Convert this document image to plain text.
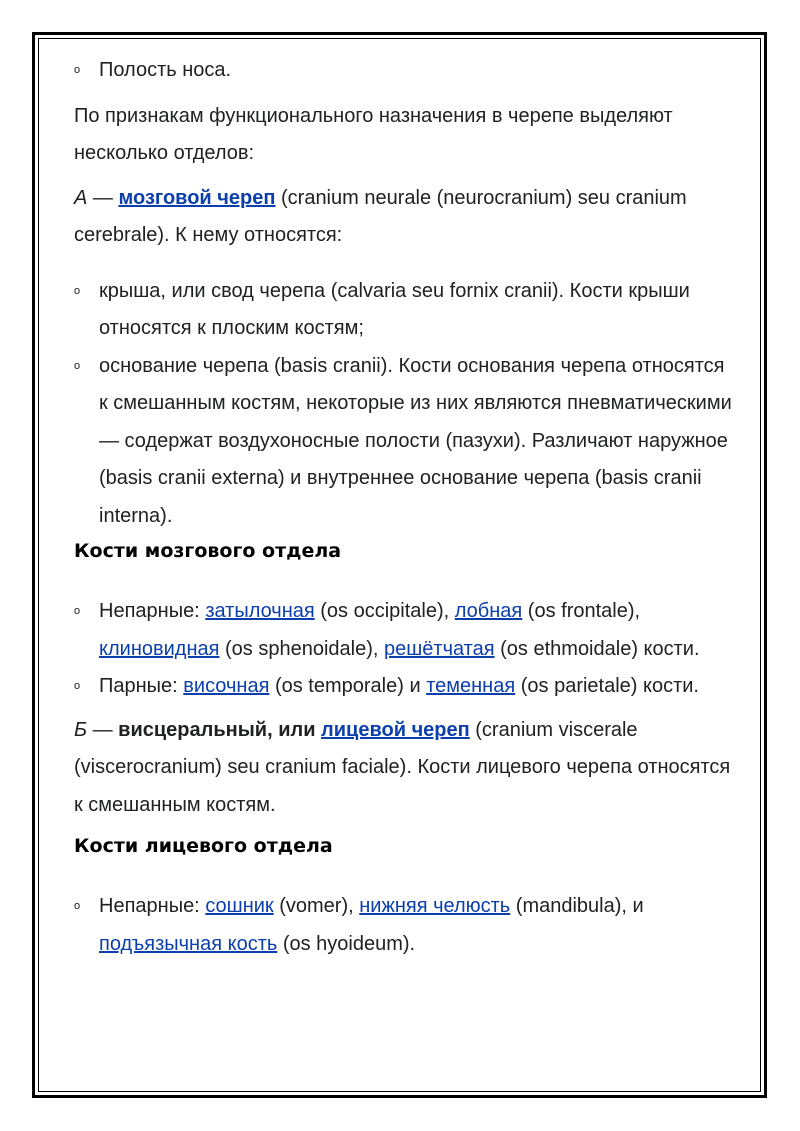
o Полость носа.

По признакам функционального назначения в черепе выделяют несколько отделов:

А — мозговой череп (cranium neurale (neurocranium) seu cranium cerebrale). К нему относятся:

o крыша, или свод черепа (calvaria seu fornix cranii). Кости крыши относятся к плоским костям;
o основание черепа (basis cranii). Кости основания черепа относятся к смешанным костям, некоторые из них являются пневматическими — содержат воздухоносные полости (пазухи). Различают наружное (basis cranii externa) и внутреннее основание черепа (basis cranii interna).
Кости мозгового отдела
o Непарные: затылочная (os occipitale), лобная (os frontale), клиновидная (os sphenoidale), решётчатая (os ethmoidale) кости.
o Парные: височная (os temporale) и теменная (os parietale) кости.

Б — висцеральный, или лицевой череп (cranium viscerale (viscerocranium) seu cranium faciale). Кости лицевого черепа относятся к смешанным костям.

Кости лицевого отдела
o Непарные: сошник (vomer), нижняя челюсть (mandibula), и подъязычная кость (os hyoideum).
